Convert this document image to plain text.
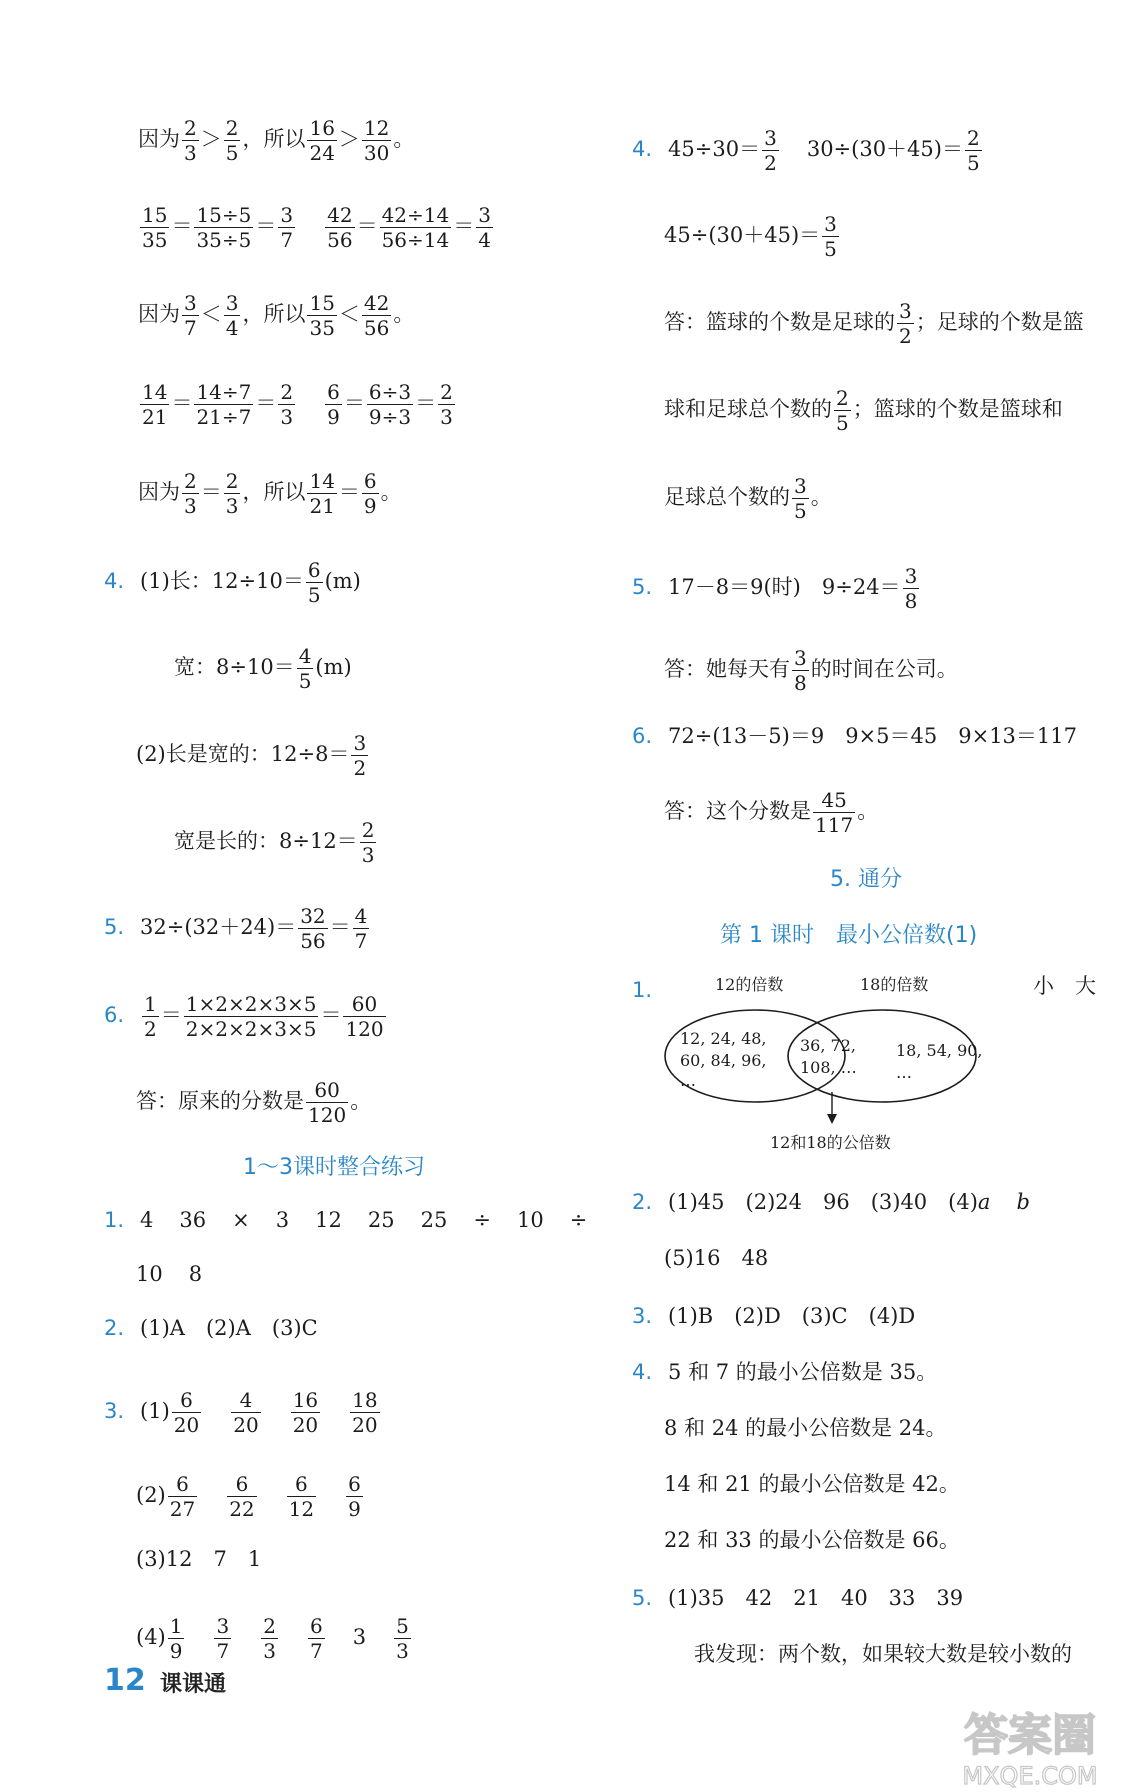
因为 $\frac{2}{3} > \frac{2}{5}$ ，所以 $\frac{16}{24} > \frac{12}{30}$ 。
$\frac{15}{35} = \frac{15\div 5}{35\div 5} = \frac{3}{7} \frac{42}{56} = \frac{42\div 14}{56\div 14} = \frac{3}{4}$
因为 $\frac{3}{7} < \frac{3}{4}$ ，所以 $\frac{15}{35} < \frac{42}{56}$ 。
$\frac{14}{21} = \frac{14\div 7}{21\div 7} = \frac{2}{3} \frac{6}{9} = \frac{6\div 3}{9\div 3} = \frac{2}{3}$
因为 $\frac{2}{3} = \frac{2}{3}$ ，所以 $\frac{14}{21} = \frac{6}{9}$ 。
4. (1)长：$12\div 10= \frac{6}{5} (m)$
宽：$8\div 10= \frac{4}{5} (m)$
(2)长是宽的：$12\div 8= \frac{3}{2}$
宽是长的：$8\div 12= \frac{2}{3}$
5. $32\div(32+24)= \frac{32}{56} = \frac{4}{7}$
6. $\frac{1}{2} = \frac{1\times 2\times 2\times 3\times 5}{2\times 2\times 2\times 3\times 5} = \frac{60}{120}$
答：原来的分数是 $\frac{60}{120}$ 。
1～3课时整合练习
1. 4 36 × 3 12 25 25 ÷ 10 ÷
10 8
2. (1)A　(2)A　(3)C
3. $(1) \frac{6}{20} \frac{4}{20} \frac{16}{20} \frac{18}{20}$
$(2) \frac{6}{27} \frac{6}{22} \frac{6}{12} \frac{6}{9}$
(3)12　7　1
$(4) \frac{1}{9} \frac{3}{7} \frac{2}{3} \frac{6}{7} 3 \frac{5}{3}$
4. $45\div 30= \frac{3}{2} 30\div(30+45)= \frac{2}{5}$
$45\div(30+45)= \frac{3}{5}$
答：篮球的个数是足球的 $\frac{3}{2}$ ；足球的个数是篮
球和足球总个数的 $\frac{2}{5}$ ；篮球的个数是篮球和
足球总个数的 $\frac{3}{5}$ 。
5. 17－8＝9(时)　$9\div 24= \frac{3}{8}$
答：她每天有 $\frac{3}{8}$ 的时间在公司。
6. 72÷(13－5)＝9　9×5＝45　9×13＝117
答：这个分数是 $\frac{45}{117}$ 。
5. 通分
第 1 课时　最小公倍数(1)
1.	小　大
12的倍数	18的倍数
12, 24, 48,
60, 84, 96,
…
36, 72,
108, …
18, 54, 90,
…
12和18的公倍数
2. (1)45　(2)24　96　(3)40　(4)a b
(5)16　48
3. (1)B　(2)D　(3)C　(4)D
4. 5 和 7 的最小公倍数是 35。
8 和 24 的最小公倍数是 24。
14 和 21 的最小公倍数是 42。
22 和 33 的最小公倍数是 66。
5. (1)35　42　21　40　33　39
我发现：两个数，如果较大数是较小数的
12 课课通
答案圈
MXQE.COM
